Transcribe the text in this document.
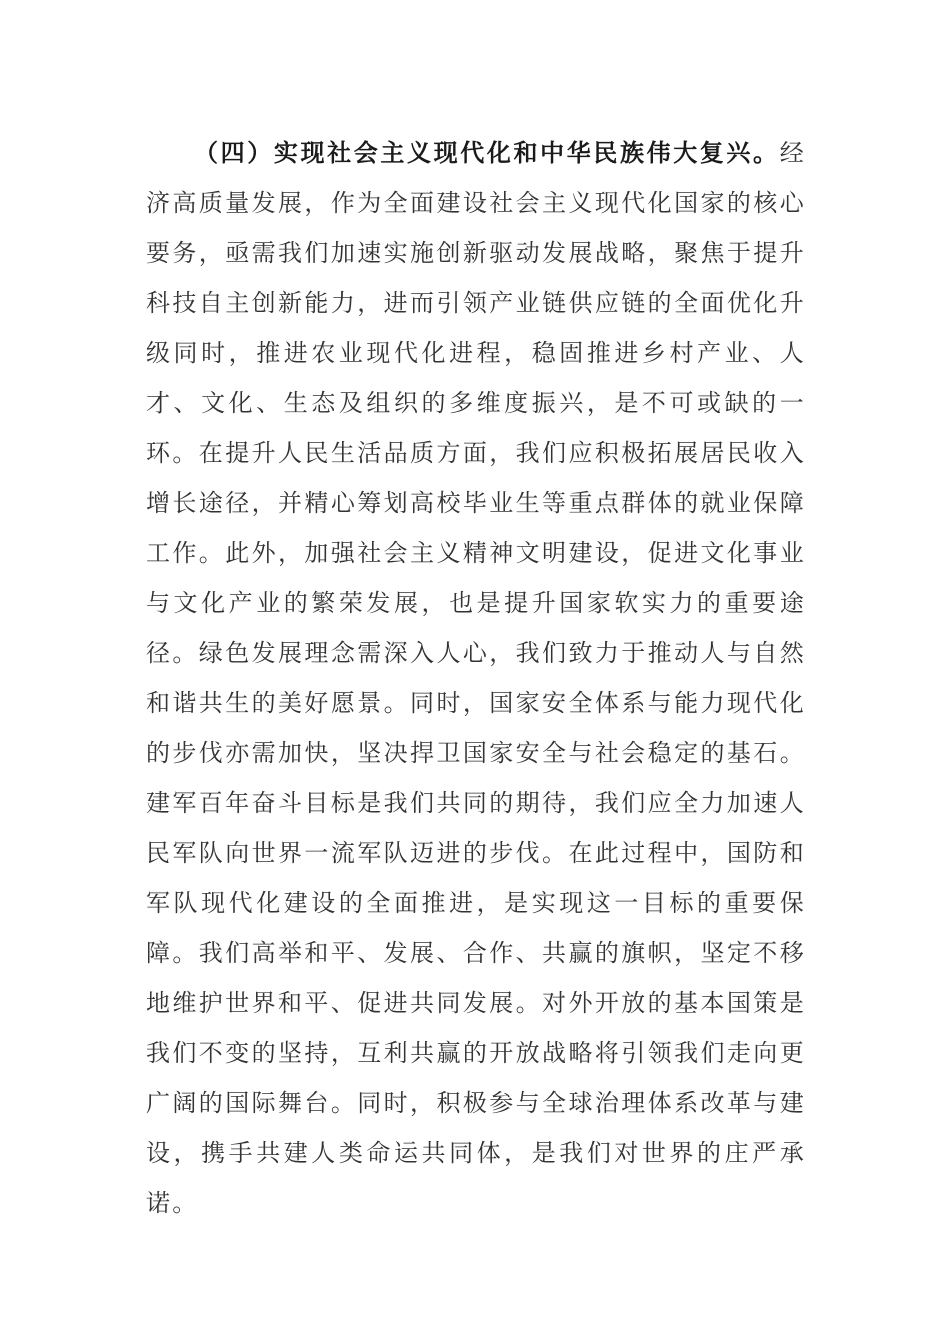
（四）实现社会主义现代化和中华民族伟大复兴。经济高质量发展，作为全面建设社会主义现代化国家的核心要务，亟需我们加速实施创新驱动发展战略，聚焦于提升科技自主创新能力，进而引领产业链供应链的全面优化升级同时，推进农业现代化进程，稳固推进乡村产业、人才、文化、生态及组织的多维度振兴，是不可或缺的一环。在提升人民生活品质方面，我们应积极拓展居民收入增长途径，并精心筹划高校毕业生等重点群体的就业保障工作。此外，加强社会主义精神文明建设，促进文化事业与文化产业的繁荣发展，也是提升国家软实力的重要途径。绿色发展理念需深入人心，我们致力于推动人与自然和谐共生的美好愿景。同时，国家安全体系与能力现代化的步伐亦需加快，坚决捍卫国家安全与社会稳定的基石。建军百年奋斗目标是我们共同的期待，我们应全力加速人民军队向世界一流军队迈进的步伐。在此过程中，国防和军队现代化建设的全面推进，是实现这一目标的重要保障。我们高举和平、发展、合作、共赢的旗帜，坚定不移地维护世界和平、促进共同发展。对外开放的基本国策是我们不变的坚持，互利共赢的开放战略将引领我们走向更广阔的国际舞台。同时，积极参与全球治理体系改革与建设，携手共建人类命运共同体，是我们对世界的庄严承诺。
